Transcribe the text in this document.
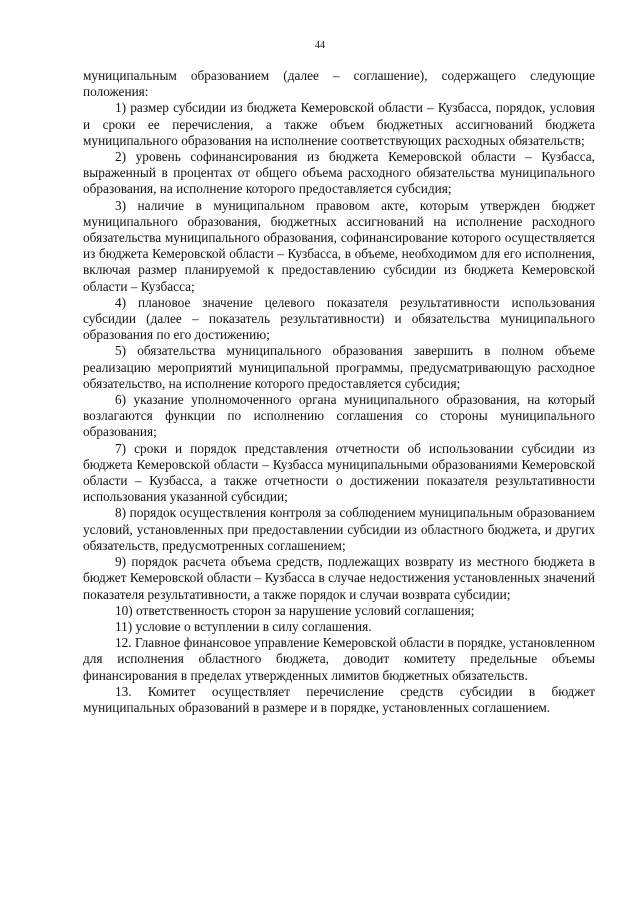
44

муниципальным образованием (далее – соглашение), содержащего следующие положения:

1) размер субсидии из бюджета Кемеровской области – Кузбасса, порядок, условия и сроки ее перечисления, а также объем бюджетных ассигнований бюджета муниципального образования на исполнение соответствующих расходных обязательств;

2) уровень софинансирования из бюджета Кемеровской области – Кузбасса, выраженный в процентах от общего объема расходного обязательства муниципального образования, на исполнение которого предоставляется субсидия;

3) наличие в муниципальном правовом акте, которым утвержден бюджет муниципального образования, бюджетных ассигнований на исполнение расходного обязательства муниципального образования, софинансирование которого осуществляется из бюджета Кемеровской области – Кузбасса, в объеме, необходимом для его исполнения, включая размер планируемой к предоставлению субсидии из бюджета Кемеровской области – Кузбасса;

4) плановое значение целевого показателя результативности использования субсидии (далее – показатель результативности) и обязательства муниципального образования по его достижению;

5) обязательства муниципального образования завершить в полном объеме реализацию мероприятий муниципальной программы, предусматривающую расходное обязательство, на исполнение которого предоставляется субсидия;

6) указание уполномоченного органа муниципального образования, на который возлагаются функции по исполнению соглашения со стороны муниципального образования;

7) сроки и порядок представления отчетности об использовании субсидии из бюджета Кемеровской области – Кузбасса муниципальными образованиями Кемеровской области – Кузбасса, а также отчетности о достижении показателя результативности использования указанной субсидии;

8) порядок осуществления контроля за соблюдением муниципальным образованием условий, установленных при предоставлении субсидии из областного бюджета, и других обязательств, предусмотренных соглашением;

9) порядок расчета объема средств, подлежащих возврату из местного бюджета в бюджет Кемеровской области – Кузбасса в случае недостижения установленных значений показателя результативности, а также порядок и случаи возврата субсидии;

10) ответственность сторон за нарушение условий соглашения;

11) условие о вступлении в силу соглашения.

12. Главное финансовое управление Кемеровской области в порядке, установленном для исполнения областного бюджета, доводит комитету предельные объемы финансирования в пределах утвержденных лимитов бюджетных обязательств.

13. Комитет осуществляет перечисление средств субсидии в бюджет муниципальных образований в размере и в порядке, установленных соглашением.
